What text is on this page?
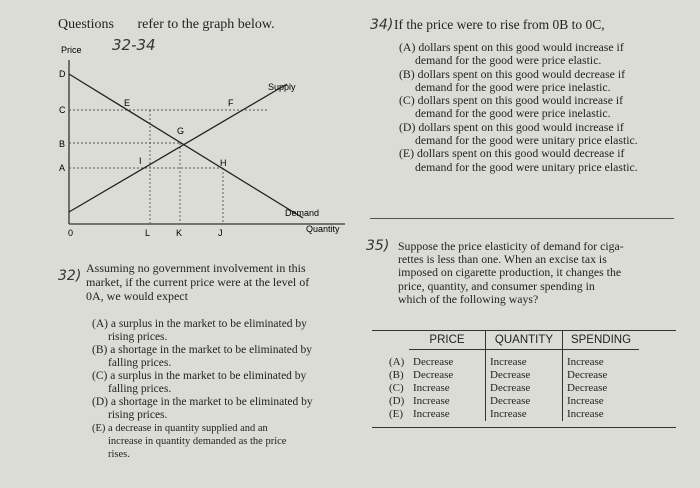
Questions refer to the graph below.
32-34
Price
D
C
B
A
0
Supply
Demand
Quantity
E	F
G
H
I
L	K	J
32) Assuming no government involvement in this
market, if the current price were at the level of
0A, we would expect
(A) a surplus in the market to be eliminated by
rising prices.
(B) a shortage in the market to be eliminated by
falling prices.
(C) a surplus in the market to be eliminated by
falling prices.
(D) a shortage in the market to be eliminated by
rising prices.
(E) a decrease in quantity supplied and an
increase in quantity demanded as the price
rises.
34) If the price were to rise from 0B to 0C,
(A) dollars spent on this good would increase if
demand for the good were price elastic.
(B) dollars spent on this good would decrease if
demand for the good were price inelastic.
(C) dollars spent on this good would increase if
demand for the good were price inelastic.
(D) dollars spent on this good would increase if
demand for the good were unitary price elastic.
(E) dollars spent on this good would decrease if
demand for the good were unitary price elastic.
35) Suppose the price elasticity of demand for ciga-
rettes is less than one. When an excise tax is
imposed on cigarette production, it changes the
price, quantity, and consumer spending in
which of the following ways?
	PRICE	QUANTITY	SPENDING
(A)	Decrease	Increase	Increase
(B)	Decrease	Decrease	Decrease
(C)	Increase	Decrease	Decrease
(D)	Increase	Decrease	Increase
(E)	Increase	Increase	Increase
